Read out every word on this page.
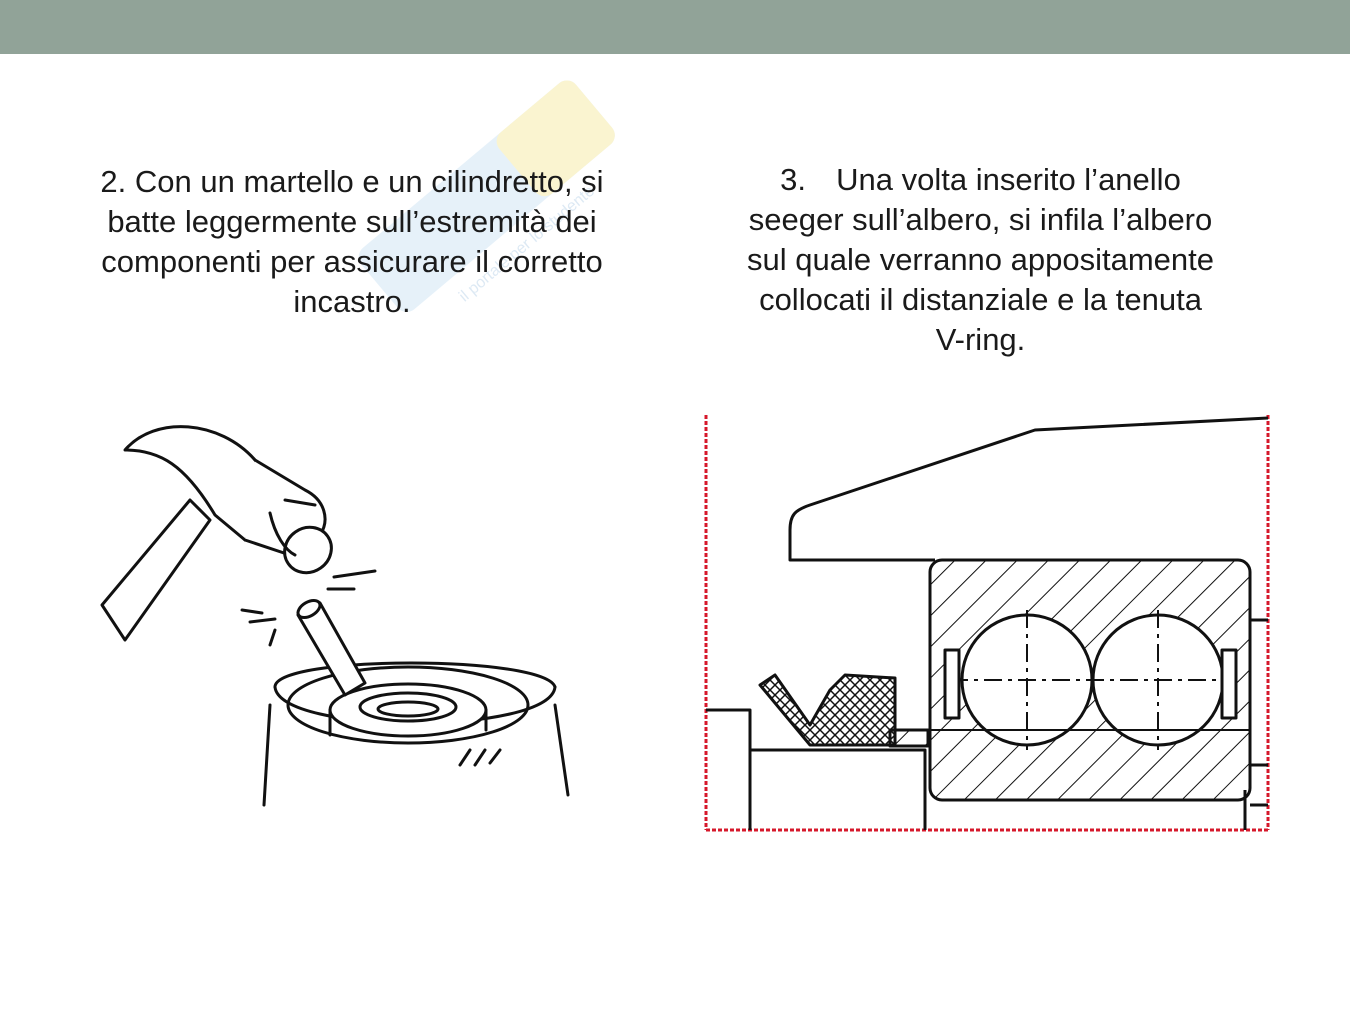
il portale per lo studente
2. Con un martello e un cilindretto, si
batte leggermente sull’estremità dei
componenti per assicurare il corretto
incastro.
3. Una volta inserito l’anello
seeger sull’albero, si infila l’albero
sul quale verranno appositamente
collocati il distanziale e la tenuta
V-ring.
